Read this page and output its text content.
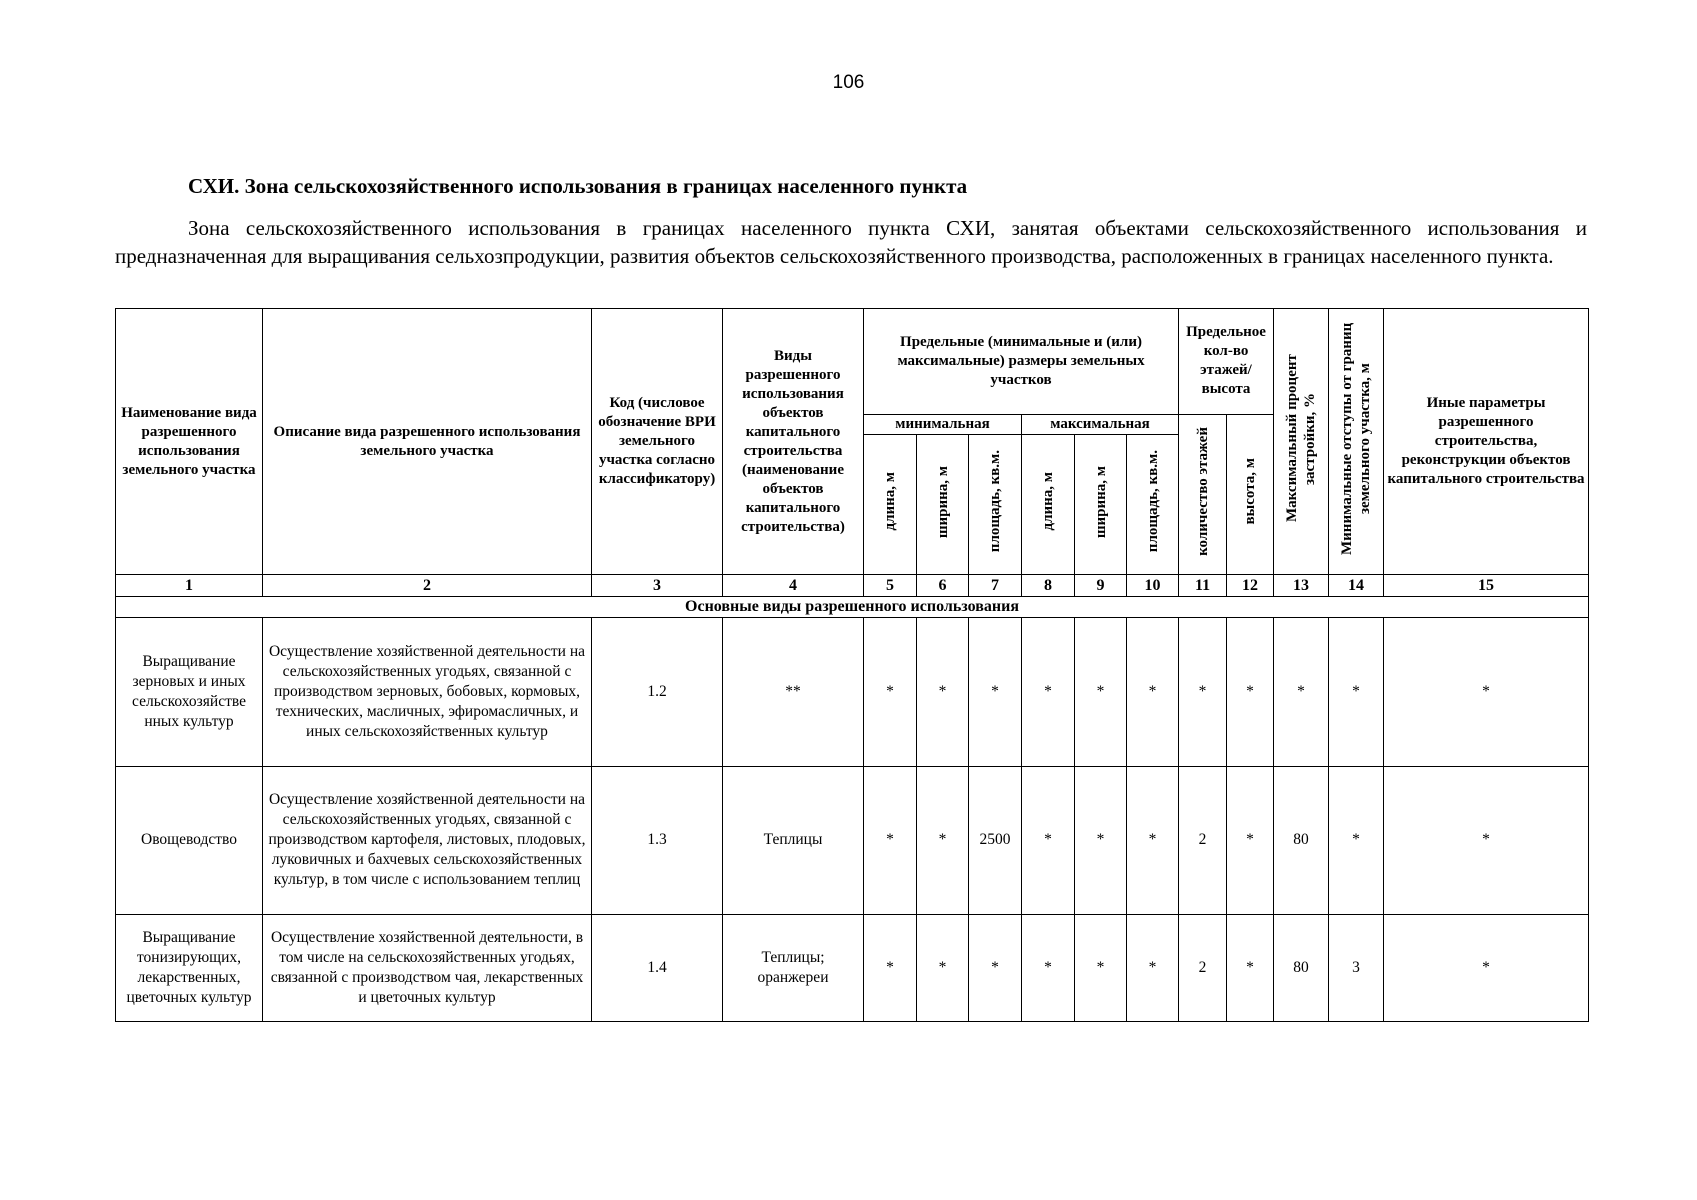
106
СХИ. Зона сельскохозяйственного использования в границах населенного пункта
Зона сельскохозяйственного использования в границах населенного пункта СХИ, занятая объектами сельскохозяйственного использования и предназначенная для выращивания сельхозпродукции, развития объектов сельскохозяйственного производства, расположенных в границах населенного пункта.
Наименование вида разрешенного использования земельного участка	Описание вида разрешенного использования земельного участка	Код (числовое обозначение ВРИ земельного участка согласно классификатору)	Виды разрешенного использования объектов капитального строительства (наименование объектов капитального строительства)	Предельные (минимальные и (или) максимальные) размеры земельных участков						Предельное кол-во этажей/ высота		Максимальный процент застройки, %	Минимальные отступы от границ земельного участка, м	Иные параметры разрешенного строительства, реконструкции объектов капитального строительства
				минимальная			максимальная			количество этажей	высота, м			
				длина, м	ширина, м	площадь, кв.м.	длина, м	ширина, м	площадь, кв.м.					
1	2	3	4	5	6	7	8	9	10	11	12	13	14	15
Основные виды разрешенного использования														
Выращивание зерновых и иных сельскохозяйстве нных культур	Осуществление хозяйственной деятельности на сельскохозяйственных угодьях, связанной с производством зерновых, бобовых, кормовых, технических, масличных, эфиромасличных, и иных сельскохозяйственных культур	1.2	**	*	*	*	*	*	*	*	*	*	*	*
Овощеводство	Осуществление хозяйственной деятельности на сельскохозяйственных угодьях, связанной с производством картофеля, листовых, плодовых, луковичных и бахчевых сельскохозяйственных культур, в том числе с использованием теплиц	1.3	Теплицы	*	*	2500	*	*	*	2	*	80	*	*
Выращивание тонизирующих, лекарственных, цветочных культур	Осуществление хозяйственной деятельности, в том числе на сельскохозяйственных угодьях, связанной с производством чая, лекарственных и цветочных культур	1.4	Теплицы; оранжереи	*	*	*	*	*	*	2	*	80	3	*
